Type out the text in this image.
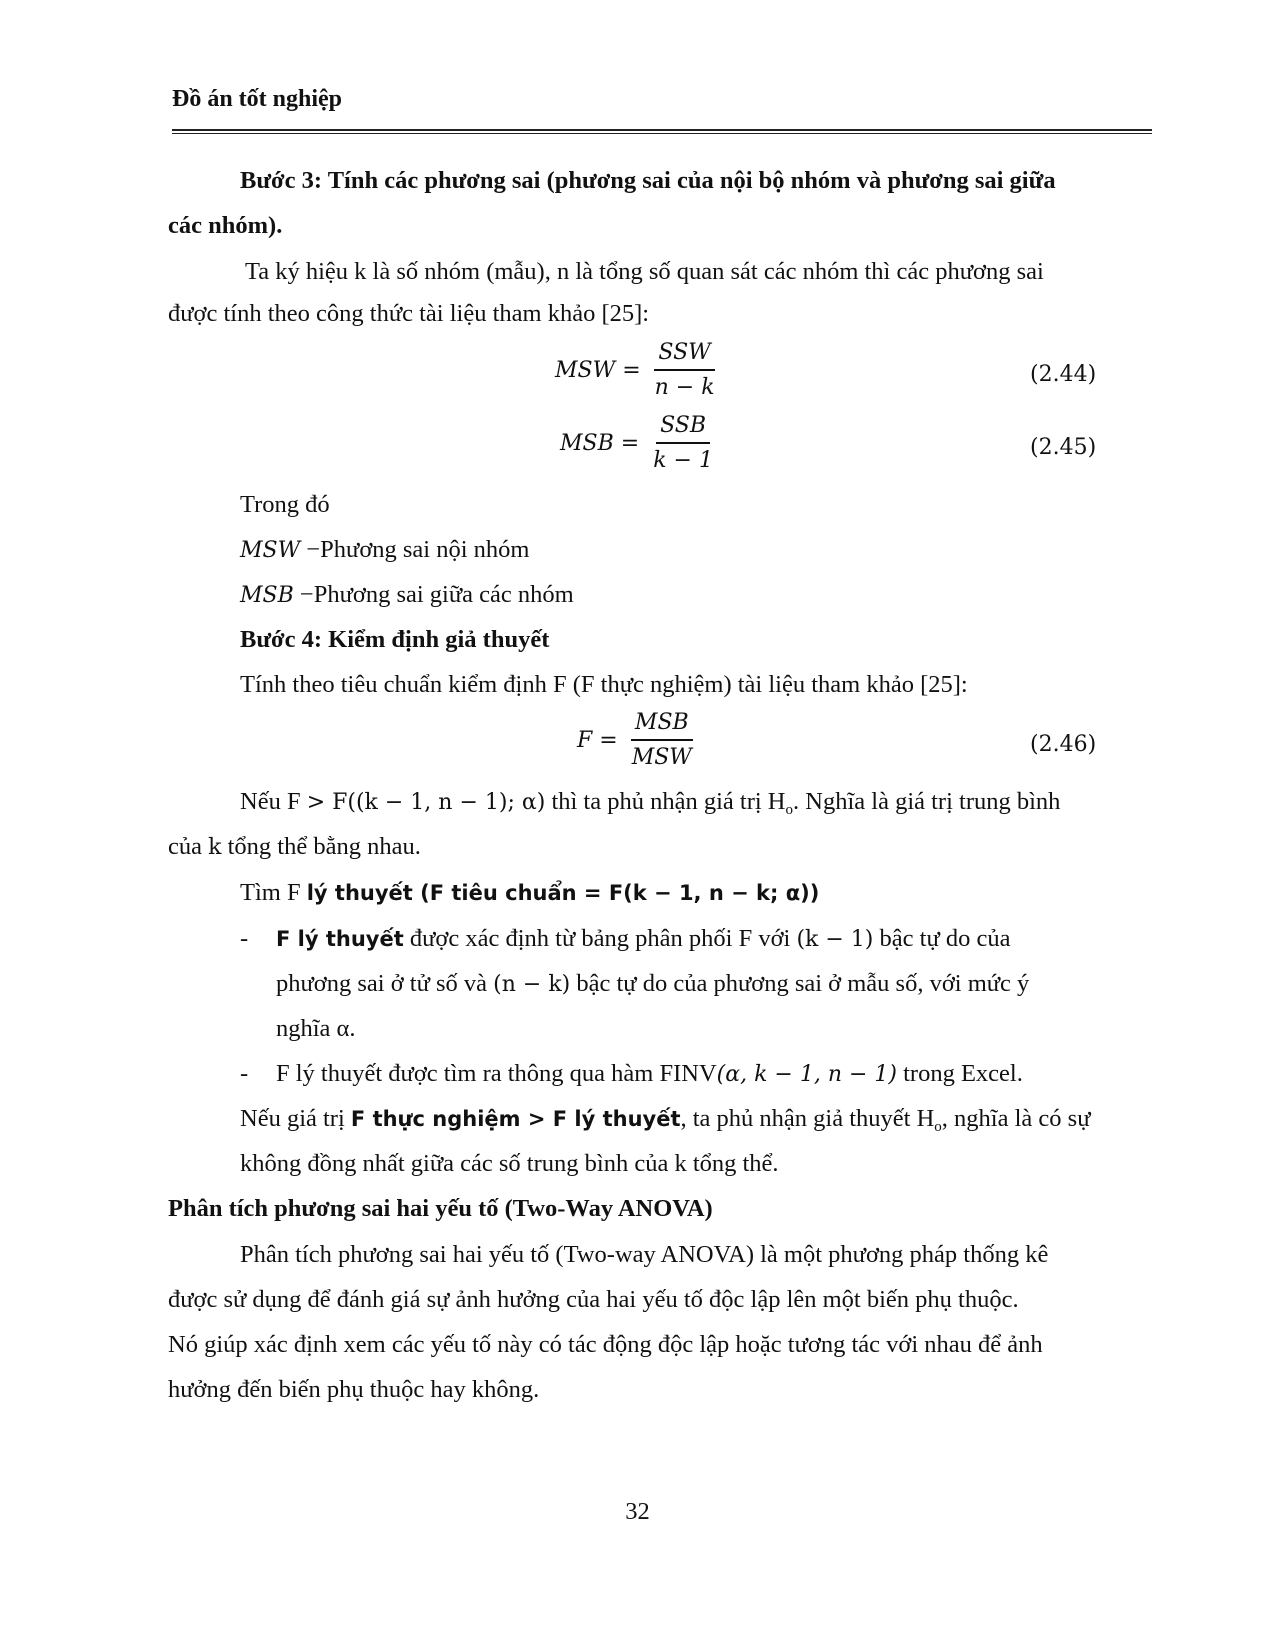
Đồ án tốt nghiệp
Bước 3: Tính các phương sai (phương sai của nội bộ nhóm và phương sai giữa
các nhóm).
Ta ký hiệu k là số nhóm (mẫu), n là tổng số quan sát các nhóm thì các phương sai
được tính theo công thức tài liệu tham khảo [25]:
MSW = $\frac{\text{SSW}}{n - k}$	(2.44)
MSB = $\frac{\text{SSB}}{k - 1}$	(2.45)
Trong đó
MSW −Phương sai nội nhóm
MSB −Phương sai giữa các nhóm
Bước 4: Kiểm định giả thuyết
Tính theo tiêu chuẩn kiểm định F (F thực nghiệm) tài liệu tham khảo [25]:
$F = \frac{\text{MSB}}{\text{MSW}}$	(2.46)
Nếu F > F((k − 1, n − 1); α) thì ta phủ nhận giá trị $H_o$. Nghĩa là giá trị trung bình
của k tổng thể bằng nhau.
Tìm F lý thuyết (F tiêu chuẩn = F(k − 1, n − k; α))
- F lý thuyết được xác định từ bảng phân phối F với (k − 1) bậc tự do của
phương sai ở tử số và (n − k) bậc tự do của phương sai ở mẫu số, với mức ý
nghĩa α.
- F lý thuyết được tìm ra thông qua hàm FINV(α, k − 1, n − 1) trong Excel.
Nếu giá trị F thực nghiệm > F lý thuyết, ta phủ nhận giả thuyết $H_o$, nghĩa là có sự
không đồng nhất giữa các số trung bình của k tổng thể.
Phân tích phương sai hai yếu tố (Two-Way ANOVA)
Phân tích phương sai hai yếu tố (Two-way ANOVA) là một phương pháp thống kê
được sử dụng để đánh giá sự ảnh hưởng của hai yếu tố độc lập lên một biến phụ thuộc.
Nó giúp xác định xem các yếu tố này có tác động độc lập hoặc tương tác với nhau để ảnh
hưởng đến biến phụ thuộc hay không.
32
